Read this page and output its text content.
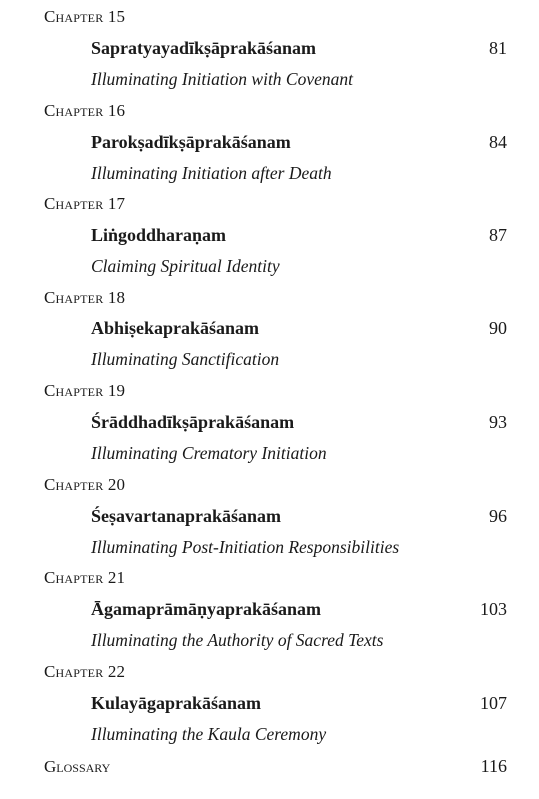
Chapter 15
Sapratyayadīkṣāprakāśanam	81
Illuminating Initiation with Covenant
Chapter 16
Parokṣadīkṣāprakāśanam	84
Illuminating Initiation after Death
Chapter 17
Liṅgoddharaṇam	87
Claiming Spiritual Identity
Chapter 18
Abhiṣekaprakāśanam	90
Illuminating Sanctification
Chapter 19
Śrāddhadīkṣāprakāśanam	93
Illuminating Crematory Initiation
Chapter 20
Śeṣavartanaprakāśanam	96
Illuminating Post-Initiation Responsibilities
Chapter 21
Āgamaprāmāṇyaprakāśanam	103
Illuminating the Authority of Sacred Texts
Chapter 22
Kulayāgaprakāśanam	107
Illuminating the Kaula Ceremony
Glossary	116
